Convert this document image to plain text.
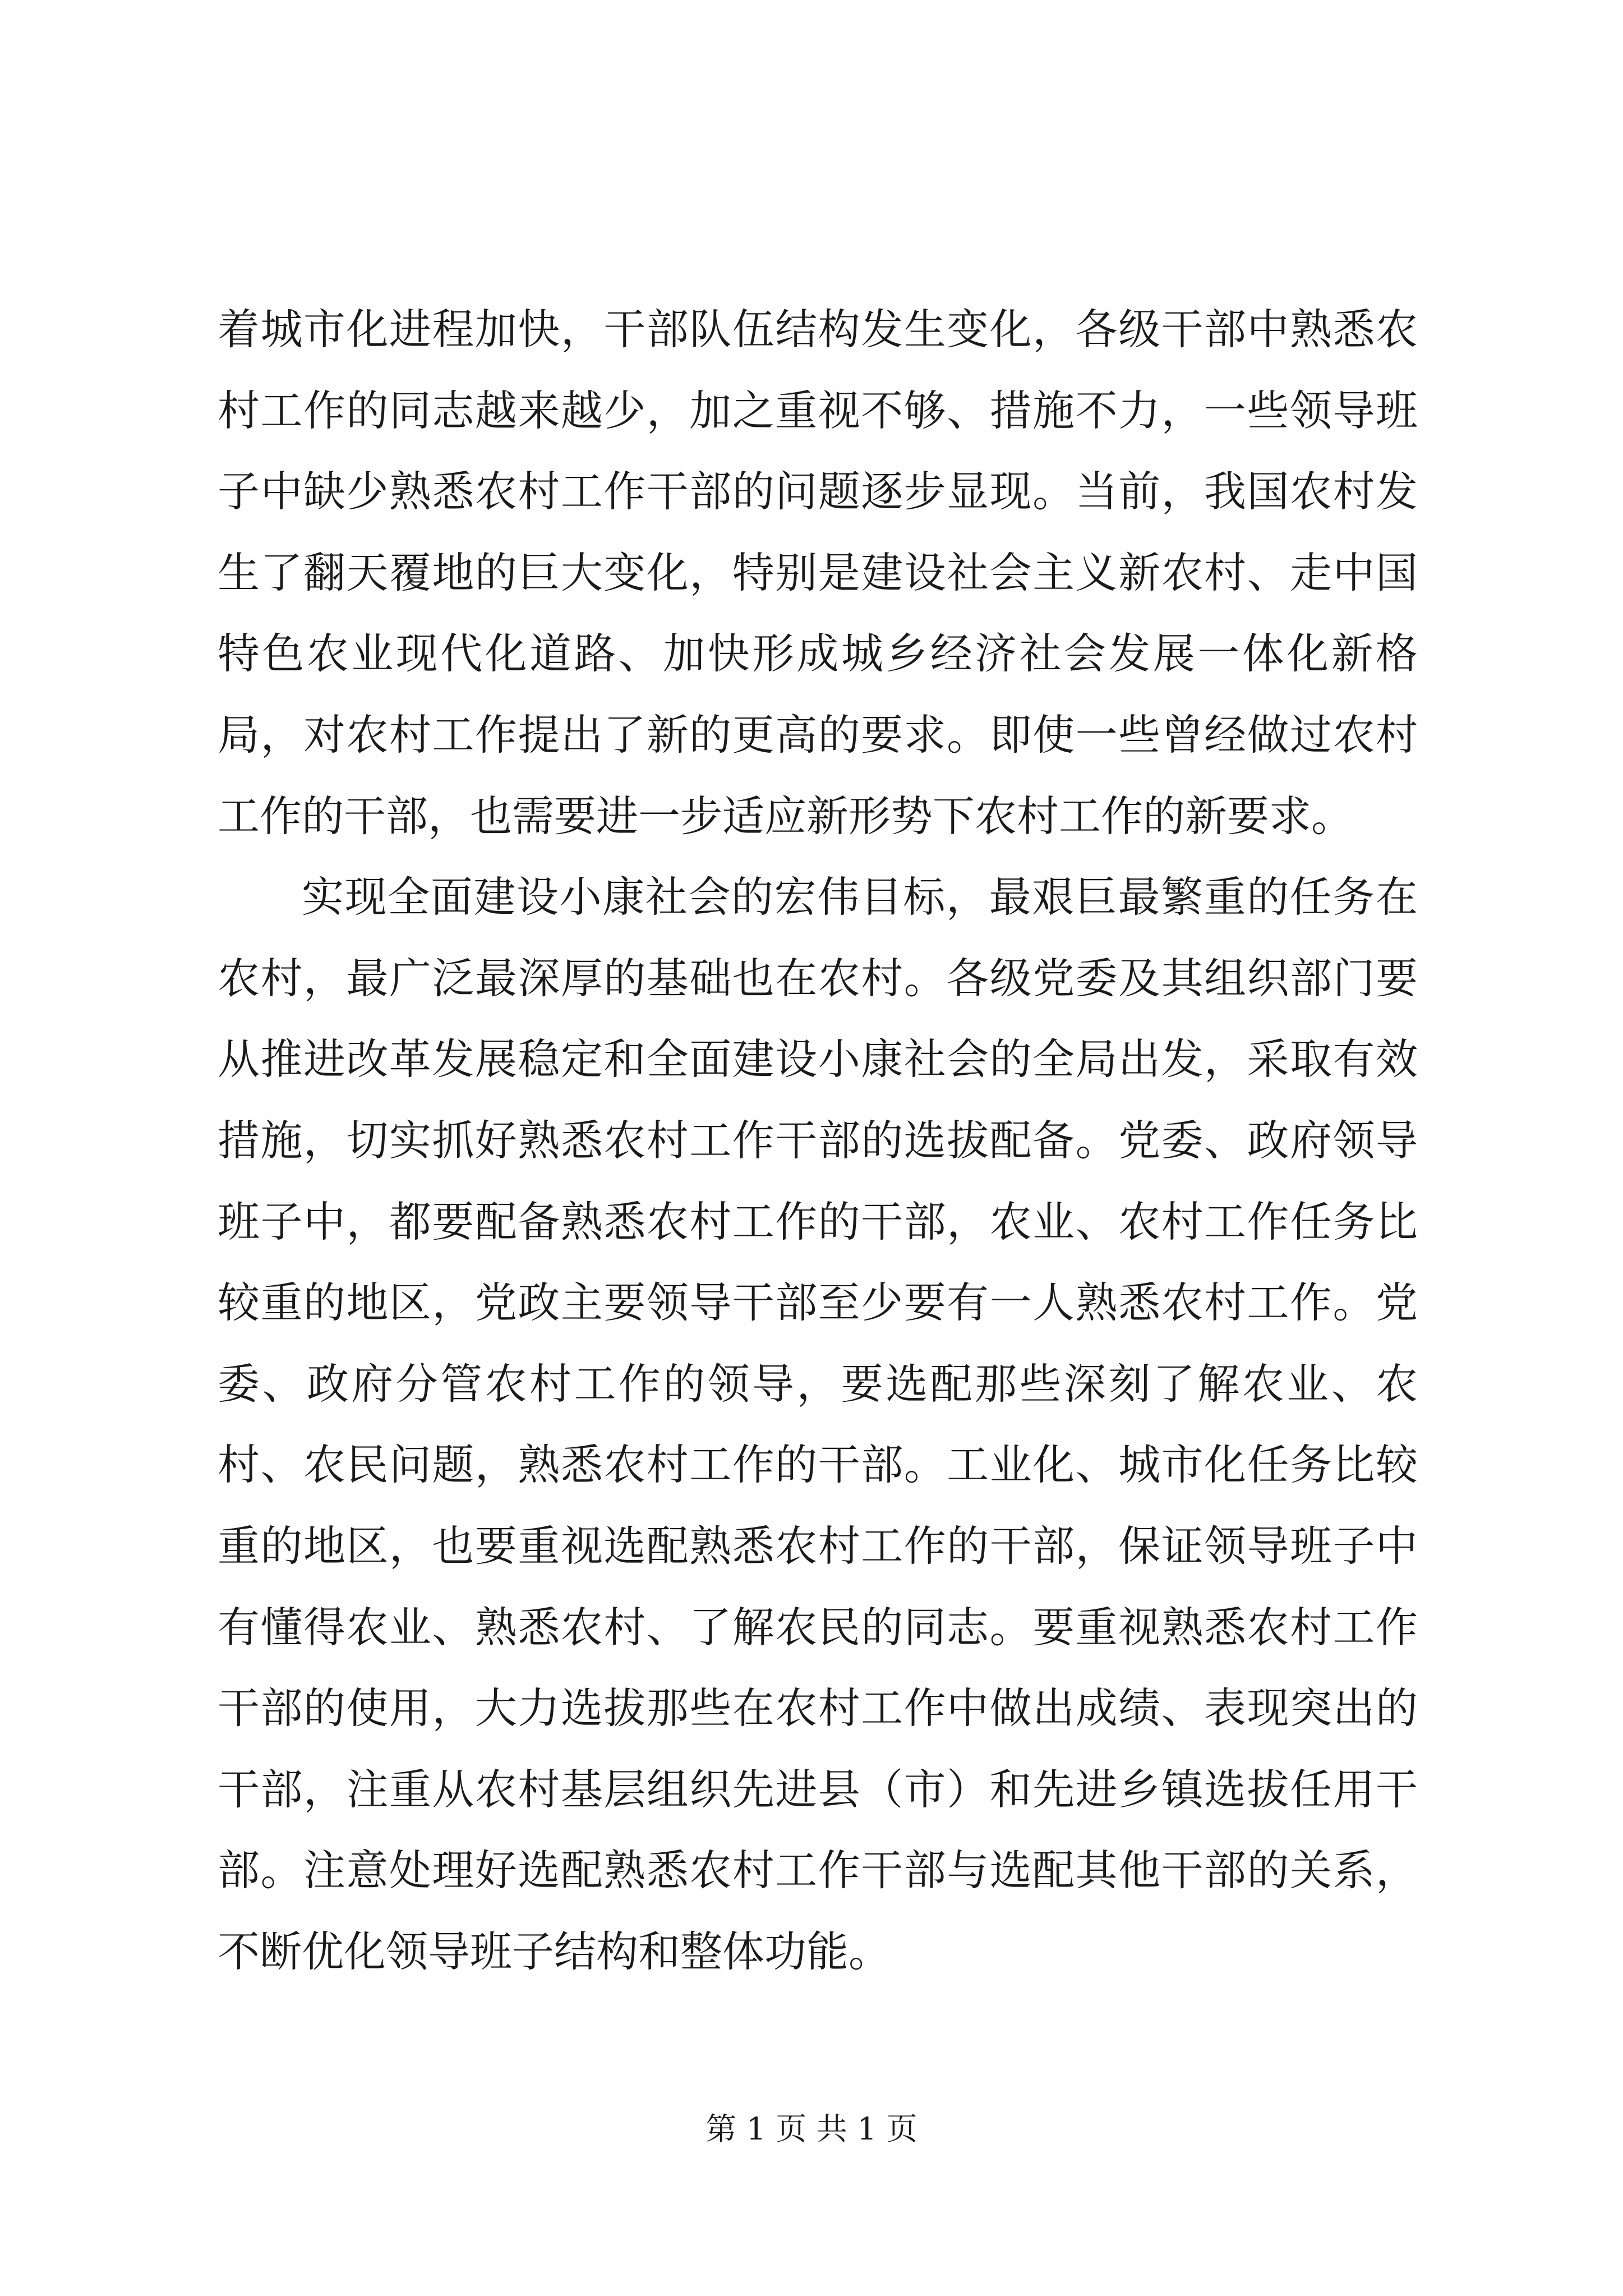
着城市化进程加快，干部队伍结构发生变化，各级干部中熟悉农村工作的同志越来越少，加之重视不够、措施不力，一些领导班子中缺少熟悉农村工作干部的问题逐步显现。当前，我国农村发生了翻天覆地的巨大变化，特别是建设社会主义新农村、走中国特色农业现代化道路、加快形成城乡经济社会发展一体化新格局，对农村工作提出了新的更高的要求。即使一些曾经做过农村工作的干部，也需要进一步适应新形势下农村工作的新要求。

实现全面建设小康社会的宏伟目标，最艰巨最繁重的任务在农村，最广泛最深厚的基础也在农村。各级党委及其组织部门要从推进改革发展稳定和全面建设小康社会的全局出发，采取有效措施，切实抓好熟悉农村工作干部的选拔配备。党委、政府领导班子中，都要配备熟悉农村工作的干部，农业、农村工作任务比较重的地区，党政主要领导干部至少要有一人熟悉农村工作。党委、政府分管农村工作的领导，要选配那些深刻了解农业、农村、农民问题，熟悉农村工作的干部。工业化、城市化任务比较重的地区，也要重视选配熟悉农村工作的干部，保证领导班子中有懂得农业、熟悉农村、了解农民的同志。要重视熟悉农村工作干部的使用，大力选拔那些在农村工作中做出成绩、表现突出的干部，注重从农村基层组织先进县（市）和先进乡镇选拔任用干部。注意处理好选配熟悉农村工作干部与选配其他干部的关系，不断优化领导班子结构和整体功能。

第 1 页 共 1 页
